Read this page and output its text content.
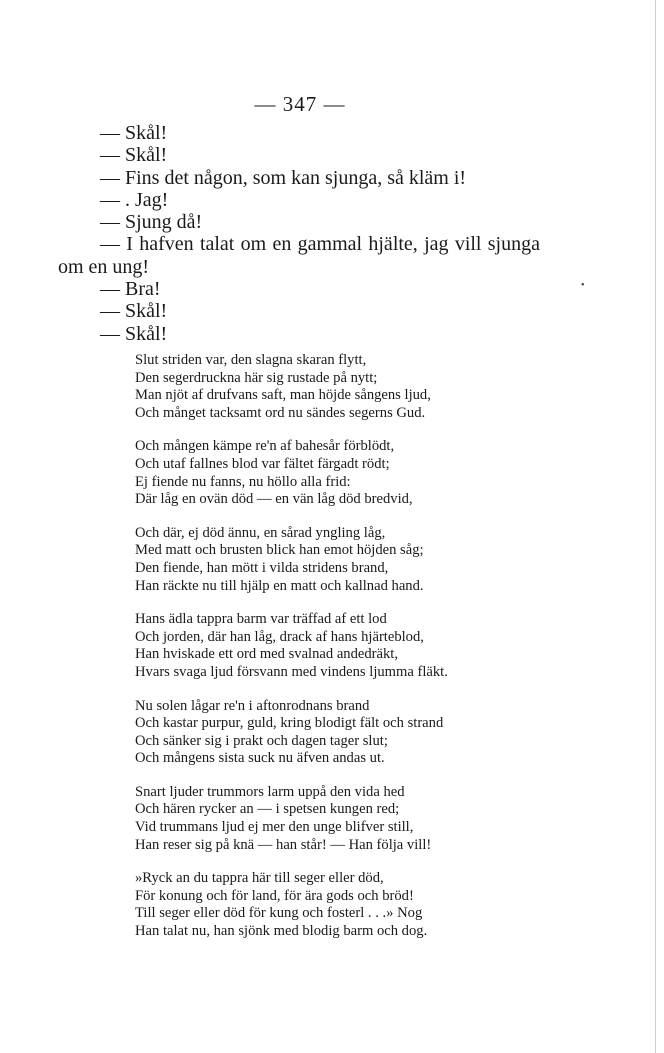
•
— 347 —
— Skål!
— Skål!
— Fins det någon, som kan sjunga, så kläm i!
— . Jag!
— Sjung då!
— I hafven talat om en gammal hjälte, jag vill sjunga
om en ung!
— Bra!
— Skål!
— Skål!
Slut striden var, den slagna skaran flytt,
Den segerdruckna här sig rustade på nytt;
Man njöt af drufvans saft, man höjde sångens ljud,
Och månget tacksamt ord nu sändes segerns Gud.
Och mången kämpe re'n af bahesår förblödt,
Och utaf fallnes blod var fältet färgadt rödt;
Ej fiende nu fanns, nu höllo alla frid:
Där låg en ovän död — en vän låg död bredvid,
Och där, ej död ännu, en sårad yngling låg,
Med matt och brusten blick han emot höjden såg;
Den fiende, han mött i vilda stridens brand,
Han räckte nu till hjälp en matt och kallnad hand.
Hans ädla tappra barm var träffad af ett lod
Och jorden, där han låg, drack af hans hjärteblod,
Han hviskade ett ord med svalnad andedräkt,
Hvars svaga ljud försvann med vindens ljumma fläkt.
Nu solen lågar re'n i aftonrodnans brand
Och kastar purpur, guld, kring blodigt fält och strand
Och sänker sig i prakt och dagen tager slut;
Och mångens sista suck nu äfven andas ut.
Snart ljuder trummors larm uppå den vida hed
Och hären rycker an — i spetsen kungen red;
Vid trummans ljud ej mer den unge blifver still,
Han reser sig på knä — han står! — Han följa vill!
»Ryck an du tappra här till seger eller död,
För konung och för land, för ära gods och bröd!
Till seger eller död för kung och fosterl . . .» Nog
Han talat nu, han sjönk med blodig barm och dog.
